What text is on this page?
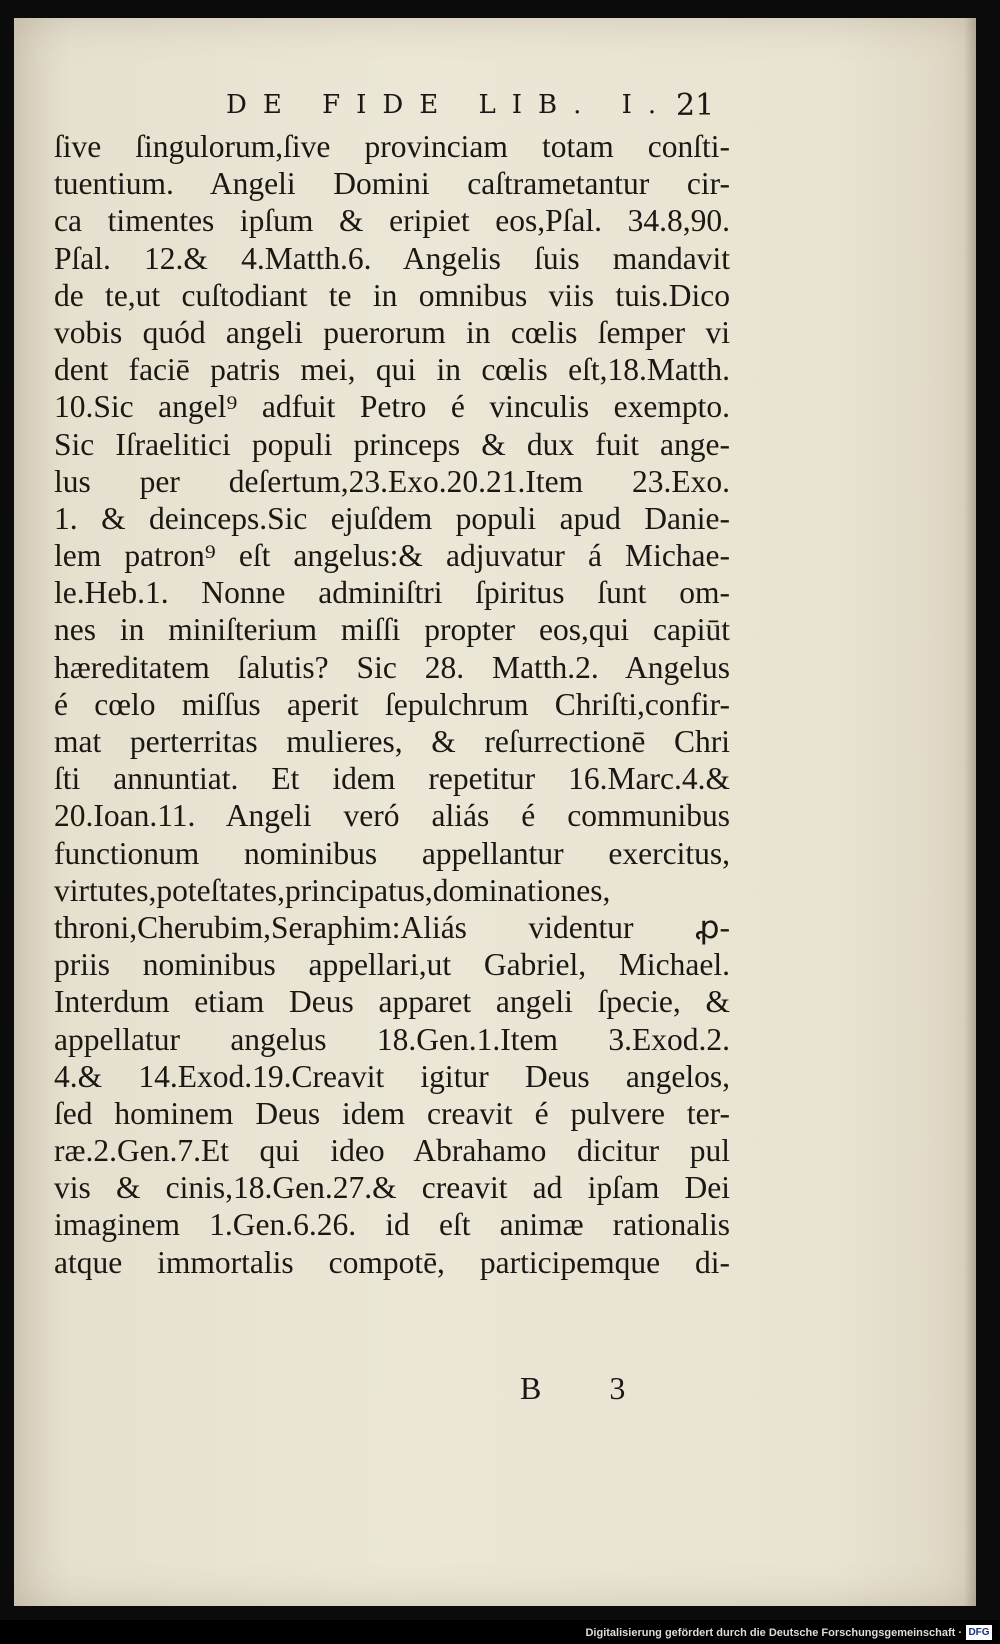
DE FIDE LIB. I. 21
ſive ſingulorum,ſive provinciam totam conſti-
tuentium. Angeli Domini caſtrametantur cir-
ca timentes ipſum & eripiet eos,Pſal. 34.8,90.
Pſal. 12.& 4.Matth.6. Angelis ſuis mandavit
de te,ut cuſtodiant te in omnibus viis tuis.Dico
vobis quód angeli puerorum in cœlis ſemper vi
dent faciē patris mei, qui in cœlis eſt,18.Matth.
10.Sic angel⁹ adfuit Petro é vinculis exempto.
Sic Iſraelitici populi princeps & dux fuit ange-
lus per deſertum,23.Exo.20.21.Item 23.Exo.
1. & deinceps.Sic ejuſdem populi apud Danie-
lem patron⁹ eſt angelus:& adjuvatur á Michae-
le.Heb.1. Nonne adminiſtri ſpiritus ſunt om-
nes in miniſterium miſſi propter eos,qui capiūt
hæreditatem ſalutis? Sic 28. Matth.2. Angelus
é cœlo miſſus aperit ſepulchrum Chriſti,confir-
mat perterritas mulieres, & reſurrectionē Chri
ſti annuntiat. Et idem repetitur 16.Marc.4.&
20.Ioan.11. Angeli veró aliás é communibus
functionum nominibus appellantur exercitus,
virtutes,poteſtates,principatus,dominationes,
throni,Cherubim,Seraphim:Aliás videntur ꝓ-
priis nominibus appellari,ut Gabriel, Michael.
Interdum etiam Deus apparet angeli ſpecie, &
appellatur angelus 18.Gen.1.Item 3.Exod.2.
4.& 14.Exod.19.Creavit igitur Deus angelos,
ſed hominem Deus idem creavit é pulvere ter-
ræ.2.Gen.7.Et qui ideo Abrahamo dicitur pul
vis & cinis,18.Gen.27.& creavit ad ipſam Dei
imaginem 1.Gen.6.26. id eſt animæ rationalis
atque immortalis compotē, participemque di-
B 3
Digitalisierung gefördert durch die Deutsche Forschungsgemeinschaft · DFG
